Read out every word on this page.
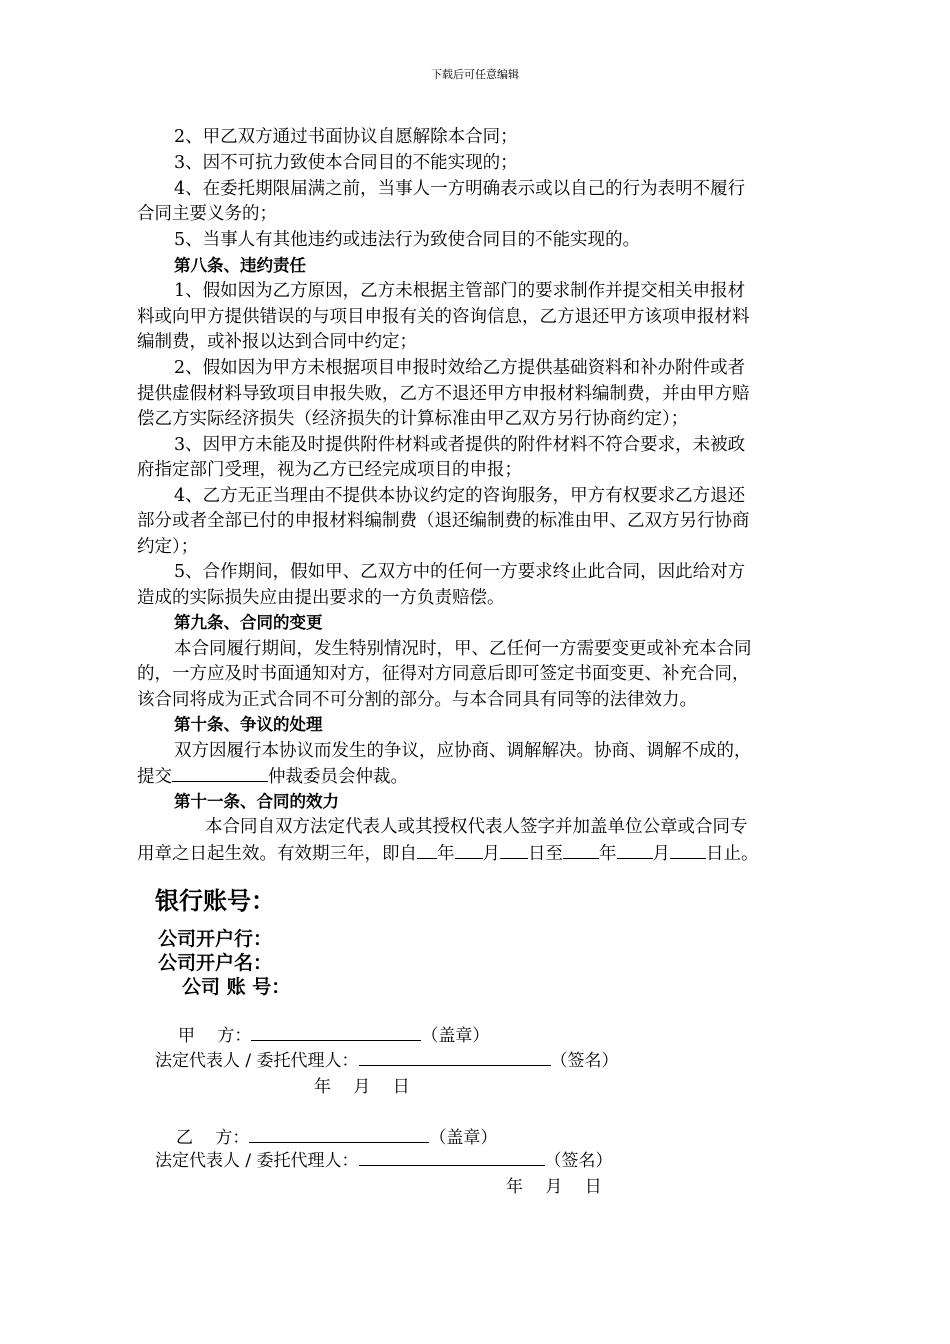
下载后可任意编辑
2、甲乙双方通过书面协议自愿解除本合同；
3、因不可抗力致使本合同目的不能实现的；
4、在委托期限届满之前，当事人一方明确表示或以自己的行为表明不履行
合同主要义务的；
5、当事人有其他违约或违法行为致使合同目的不能实现的。
第八条、违约责任
1、假如因为乙方原因，乙方未根据主管部门的要求制作并提交相关申报材
料或向甲方提供错误的与项目申报有关的咨询信息，乙方退还甲方该项申报材料
编制费，或补报以达到合同中约定；
2、假如因为甲方未根据项目申报时效给乙方提供基础资料和补办附件或者
提供虚假材料导致项目申报失败，乙方不退还甲方申报材料编制费，并由甲方赔
偿乙方实际经济损失（经济损失的计算标准由甲乙双方另行协商约定）；
3、因甲方未能及时提供附件材料或者提供的附件材料不符合要求，未被政
府指定部门受理，视为乙方已经完成项目的申报；
4、乙方无正当理由不提供本协议约定的咨询服务，甲方有权要求乙方退还
部分或者全部已付的申报材料编制费（退还编制费的标准由甲、乙双方另行协商
约定）；
5、合作期间，假如甲、乙双方中的任何一方要求终止此合同，因此给对方
造成的实际损失应由提出要求的一方负责赔偿。
第九条、合同的变更
本合同履行期间，发生特别情况时，甲、乙任何一方需要变更或补充本合同
的，一方应及时书面通知对方，征得对方同意后即可签定书面变更、补充合同，
该合同将成为正式合同不可分割的部分。与本合同具有同等的法律效力。
第十条、争议的处理
双方因履行本协议而发生的争议，应协商、调解解决。协商、调解不成的，
提交	仲裁委员会仲裁。
第十一条、合同的效力
本合同自双方法定代表人或其授权代表人签字并加盖单位公章或合同专
用章之日起生效。有效期三年，即自 年 月 日至 年 月 日止。
银行账号：
公司开户行：
公司开户名：
公司 账 号：
甲　 方：	（盖章）
法定代表人 / 委托代理人：	（签名）
年　 月　 日
乙　 方：	（盖章）
法定代表人 / 委托代理人：	（签名）
年　 月　 日
